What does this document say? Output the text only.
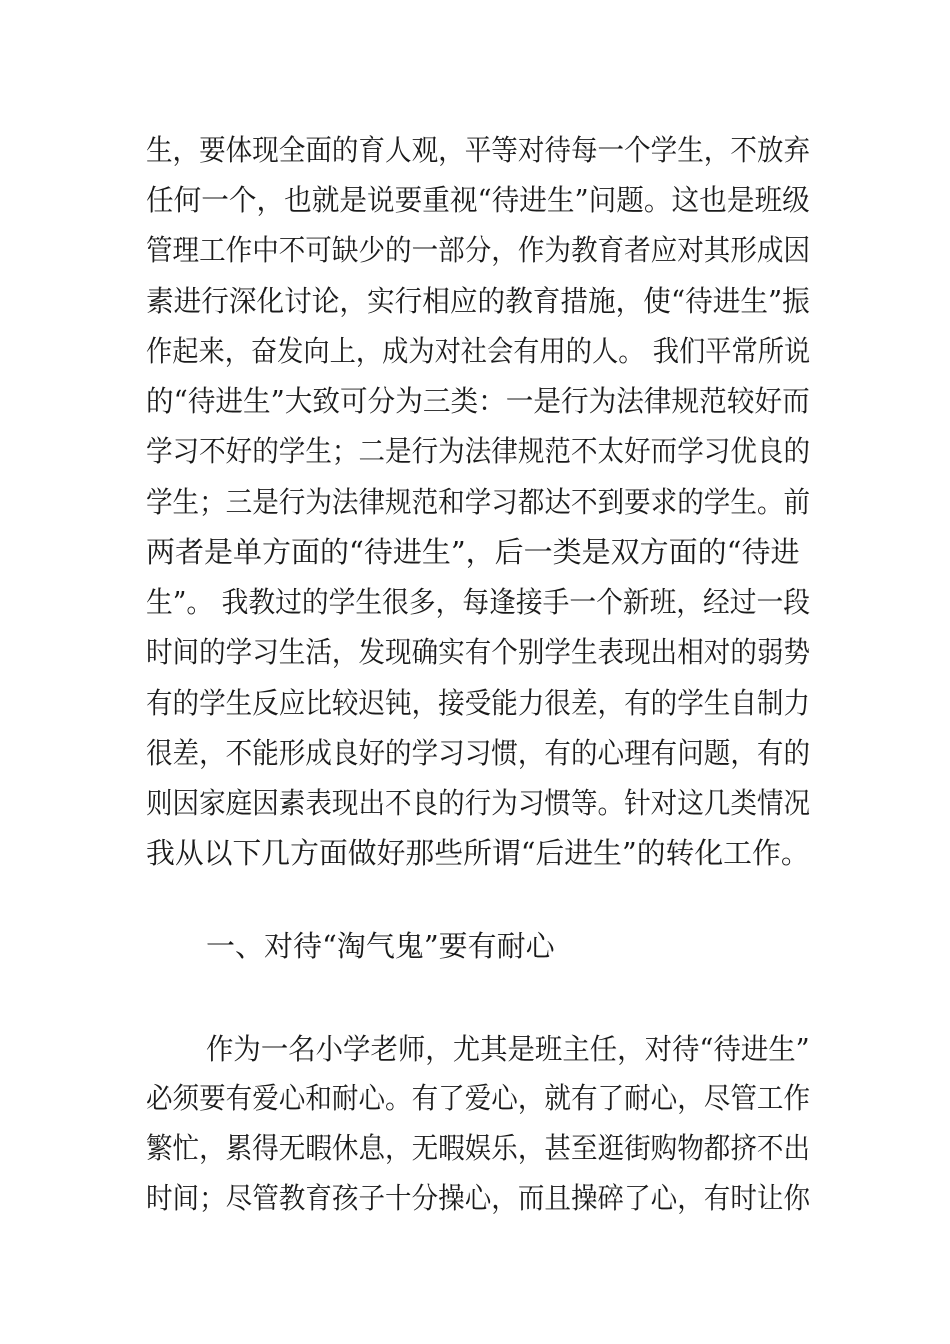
生，要体现全面的育人观，平等对待每一个学生，不放弃
任何一个，也就是说要重视“待进生”问题。这也是班级
管理工作中不可缺少的一部分，作为教育者应对其形成因
素进行深化讨论，实行相应的教育措施，使“待进生”振
作起来，奋发向上，成为对社会有用的人。 我们平常所说
的“待进生”大致可分为三类：一是行为法律规范较好而
学习不好的学生；二是行为法律规范不太好而学习优良的
学生；三是行为法律规范和学习都达不到要求的学生。前
两者是单方面的“待进生”，后一类是双方面的“待进
生”。 我教过的学生很多，每逢接手一个新班，经过一段
时间的学习生活，发现确实有个别学生表现出相对的弱势
有的学生反应比较迟钝，接受能力很差，有的学生自制力
很差，不能形成良好的学习习惯，有的心理有问题，有的
则因家庭因素表现出不良的行为习惯等。针对这几类情况
我从以下几方面做好那些所谓“后进生”的转化工作。
一、对待“淘气鬼”要有耐心
作为一名小学老师，尤其是班主任，对待“待进生”
必须要有爱心和耐心。有了爱心，就有了耐心，尽管工作
繁忙，累得无暇休息，无暇娱乐，甚至逛街购物都挤不出
时间；尽管教育孩子十分操心，而且操碎了心，有时让你
